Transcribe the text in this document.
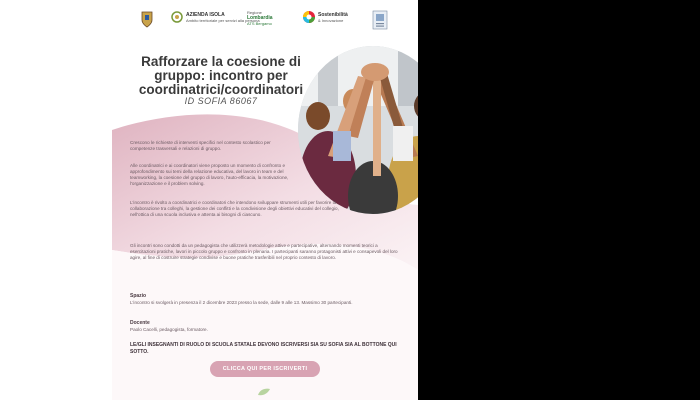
AZIENDA ISOLA
Ambito territoriale per servizi alla persona
Regione
Lombardia
ATS Bergamo
Sostenibilità
& Innovazione
Rafforzare la coesione di gruppo: incontro per coordinatrici/coordinatori
ID SOFIA 86067
Crescono le richieste di interventi specifici nel contesto scolastico per competenze trasversali e relazioni di gruppo.
Alle coordinatrici e ai coordinatori viene proposto un momento di confronto e approfondimento sui temi della relazione educativa, del lavoro in team e del teamworking, la coesione del gruppo di lavoro, l'auto-efficacia, la motivazione, l'organizzazione e il problem solving.
L'incontro è rivolto a coordinatrici e coordinatori che intendono sviluppare strumenti utili per favorire la collaborazione tra colleghi, la gestione dei conflitti e la condivisione degli obiettivi educativi del collegio, nell'ottica di una scuola inclusiva e attenta ai bisogni di ciascuno.
Gli incontri sono condotti da un pedagogista che utilizzerà metodologie attive e partecipative, alternando momenti teorici a esercitazioni pratiche, lavori in piccolo gruppo e confronto in plenaria. I partecipanti saranno protagonisti attivi e consapevoli del loro agire, al fine di costruire strategie condivise e buone pratiche trasferibili nel proprio contesto di lavoro.
Spazio
L'incontro si svolgerà in presenza il 2 dicembre 2023 presso la sede, dalle 9 alle 13. Massimo 30 partecipanti.
Docente
Paolo Cacelli, pedagogista, formatore.
LE/GLI INSEGNANTI DI RUOLO DI SCUOLA STATALE DEVONO ISCRIVERSI SIA SU SOFIA SIA AL BOTTONE QUI SOTTO.
CLICCA QUI PER ISCRIVERTI
